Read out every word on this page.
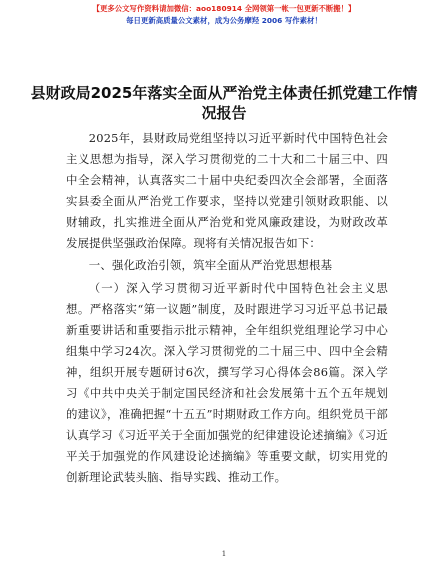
【更多公文写作资料请加微信：aoo180914 全网领第一帐一包更新不断搬！】
每日更新高质量公文素材，成为公务摩羟 2006 写作素材！
县财政局2025年落实全面从严治党主体责任抓党建工作情况报告

2025年，县财政局党组坚持以习近平新时代中国特色社会主义思想为指导，深入学习贯彻党的二十大和二十届三中、四中全会精神，认真落实二十届中央纪委四次全会部署，全面落实县委全面从严治党工作要求，坚持以党建引领财政职能、以财辅政，扎实推进全面从严治党和党风廉政建设，为财政改革发展提供坚强政治保障。现将有关情况报告如下：

一、强化政治引领，筑牢全面从严治党思想根基

（一）深入学习贯彻习近平新时代中国特色社会主义思想。严格落实“第一议题”制度，及时跟进学习习近平总书记最新重要讲话和重要指示批示精神，全年组织党组理论学习中心组集中学习24次。深入学习贯彻党的二十届三中、四中全会精神，组织开展专题研讨6次，撰写学习心得体会86篇。深入学习《中共中央关于制定国民经济和社会发展第十五个五年规划的建议》，准确把握“十五五”时期财政工作方向。组织党员干部认真学习《习近平关于全面加强党的纪律建设论述摘编》《习近平关于加强党的作风建设论述摘编》等重要文献，切实用党的创新理论武装头脑、指导实践、推动工作。

1
